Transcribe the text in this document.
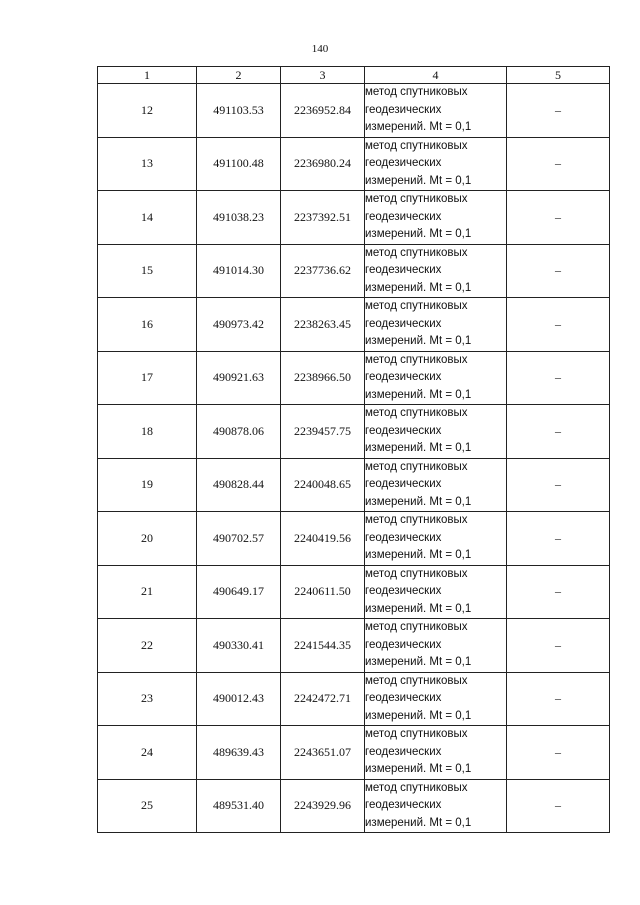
140
1	2	3	4	5
12	491103.53	2236952.84	метод спутниковых
геодезических
измерений. Mt = 0,1	–
13	491100.48	2236980.24	метод спутниковых
геодезических
измерений. Mt = 0,1	–
14	491038.23	2237392.51	метод спутниковых
геодезических
измерений. Mt = 0,1	–
15	491014.30	2237736.62	метод спутниковых
геодезических
измерений. Mt = 0,1	–
16	490973.42	2238263.45	метод спутниковых
геодезических
измерений. Mt = 0,1	–
17	490921.63	2238966.50	метод спутниковых
геодезических
измерений. Mt = 0,1	–
18	490878.06	2239457.75	метод спутниковых
геодезических
измерений. Mt = 0,1	–
19	490828.44	2240048.65	метод спутниковых
геодезических
измерений. Mt = 0,1	–
20	490702.57	2240419.56	метод спутниковых
геодезических
измерений. Mt = 0,1	–
21	490649.17	2240611.50	метод спутниковых
геодезических
измерений. Mt = 0,1	–
22	490330.41	2241544.35	метод спутниковых
геодезических
измерений. Mt = 0,1	–
23	490012.43	2242472.71	метод спутниковых
геодезических
измерений. Mt = 0,1	–
24	489639.43	2243651.07	метод спутниковых
геодезических
измерений. Mt = 0,1	–
25	489531.40	2243929.96	метод спутниковых
геодезических
измерений. Mt = 0,1	–
